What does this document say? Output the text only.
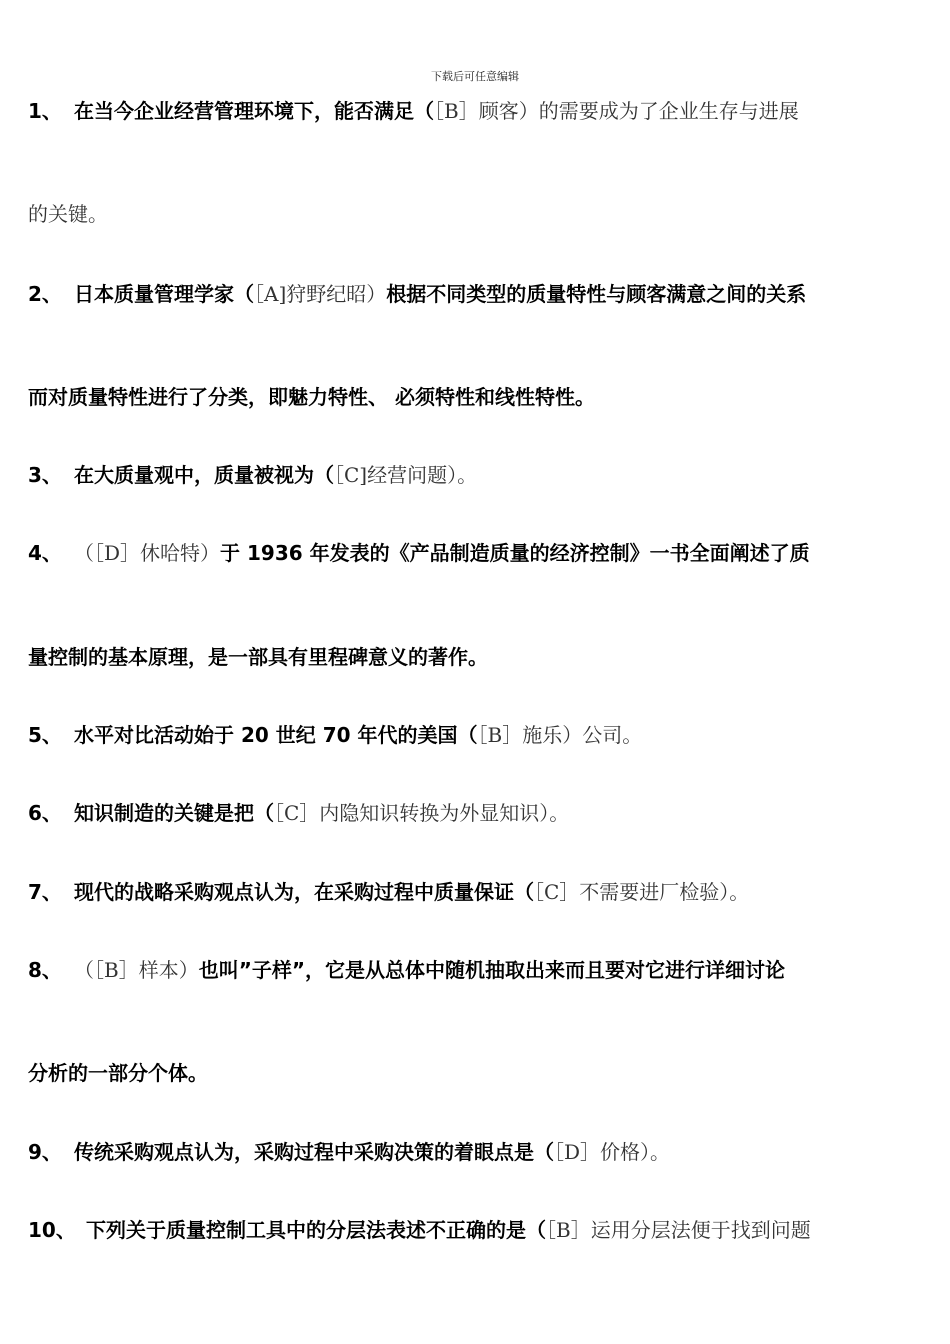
下载后可任意编辑
1、 在当今企业经营管理环境下，能否满足（［B］顾客）的需要成为了企业生存与进展
的关键。
2、 日本质量管理学家（［A]狩野纪昭）根据不同类型的质量特性与顾客满意之间的关系
而对质量特性进行了分类，即魅力特性、 必须特性和线性特性。
3、 在大质量观中，质量被视为（［C]经营问题）。
4、 （［D］休哈特）于 1936 年发表的《产品制造质量的经济控制》一书全面阐述了质
量控制的基本原理，是一部具有里程碑意义的著作。
5、 水平对比活动始于 20 世纪 70 年代的美国（［B］施乐）公司。
6、 知识制造的关键是把（［C］内隐知识转换为外显知识）。
7、 现代的战略采购观点认为，在采购过程中质量保证（［C］不需要进厂检验）。
8、 （［B］样本）也叫”子样”，它是从总体中随机抽取出来而且要对它进行详细讨论
分析的一部分个体。
9、 传统采购观点认为，采购过程中采购决策的着眼点是（［D］价格）。
10、 下列关于质量控制工具中的分层法表述不正确的是（［B］运用分层法便于找到问题
